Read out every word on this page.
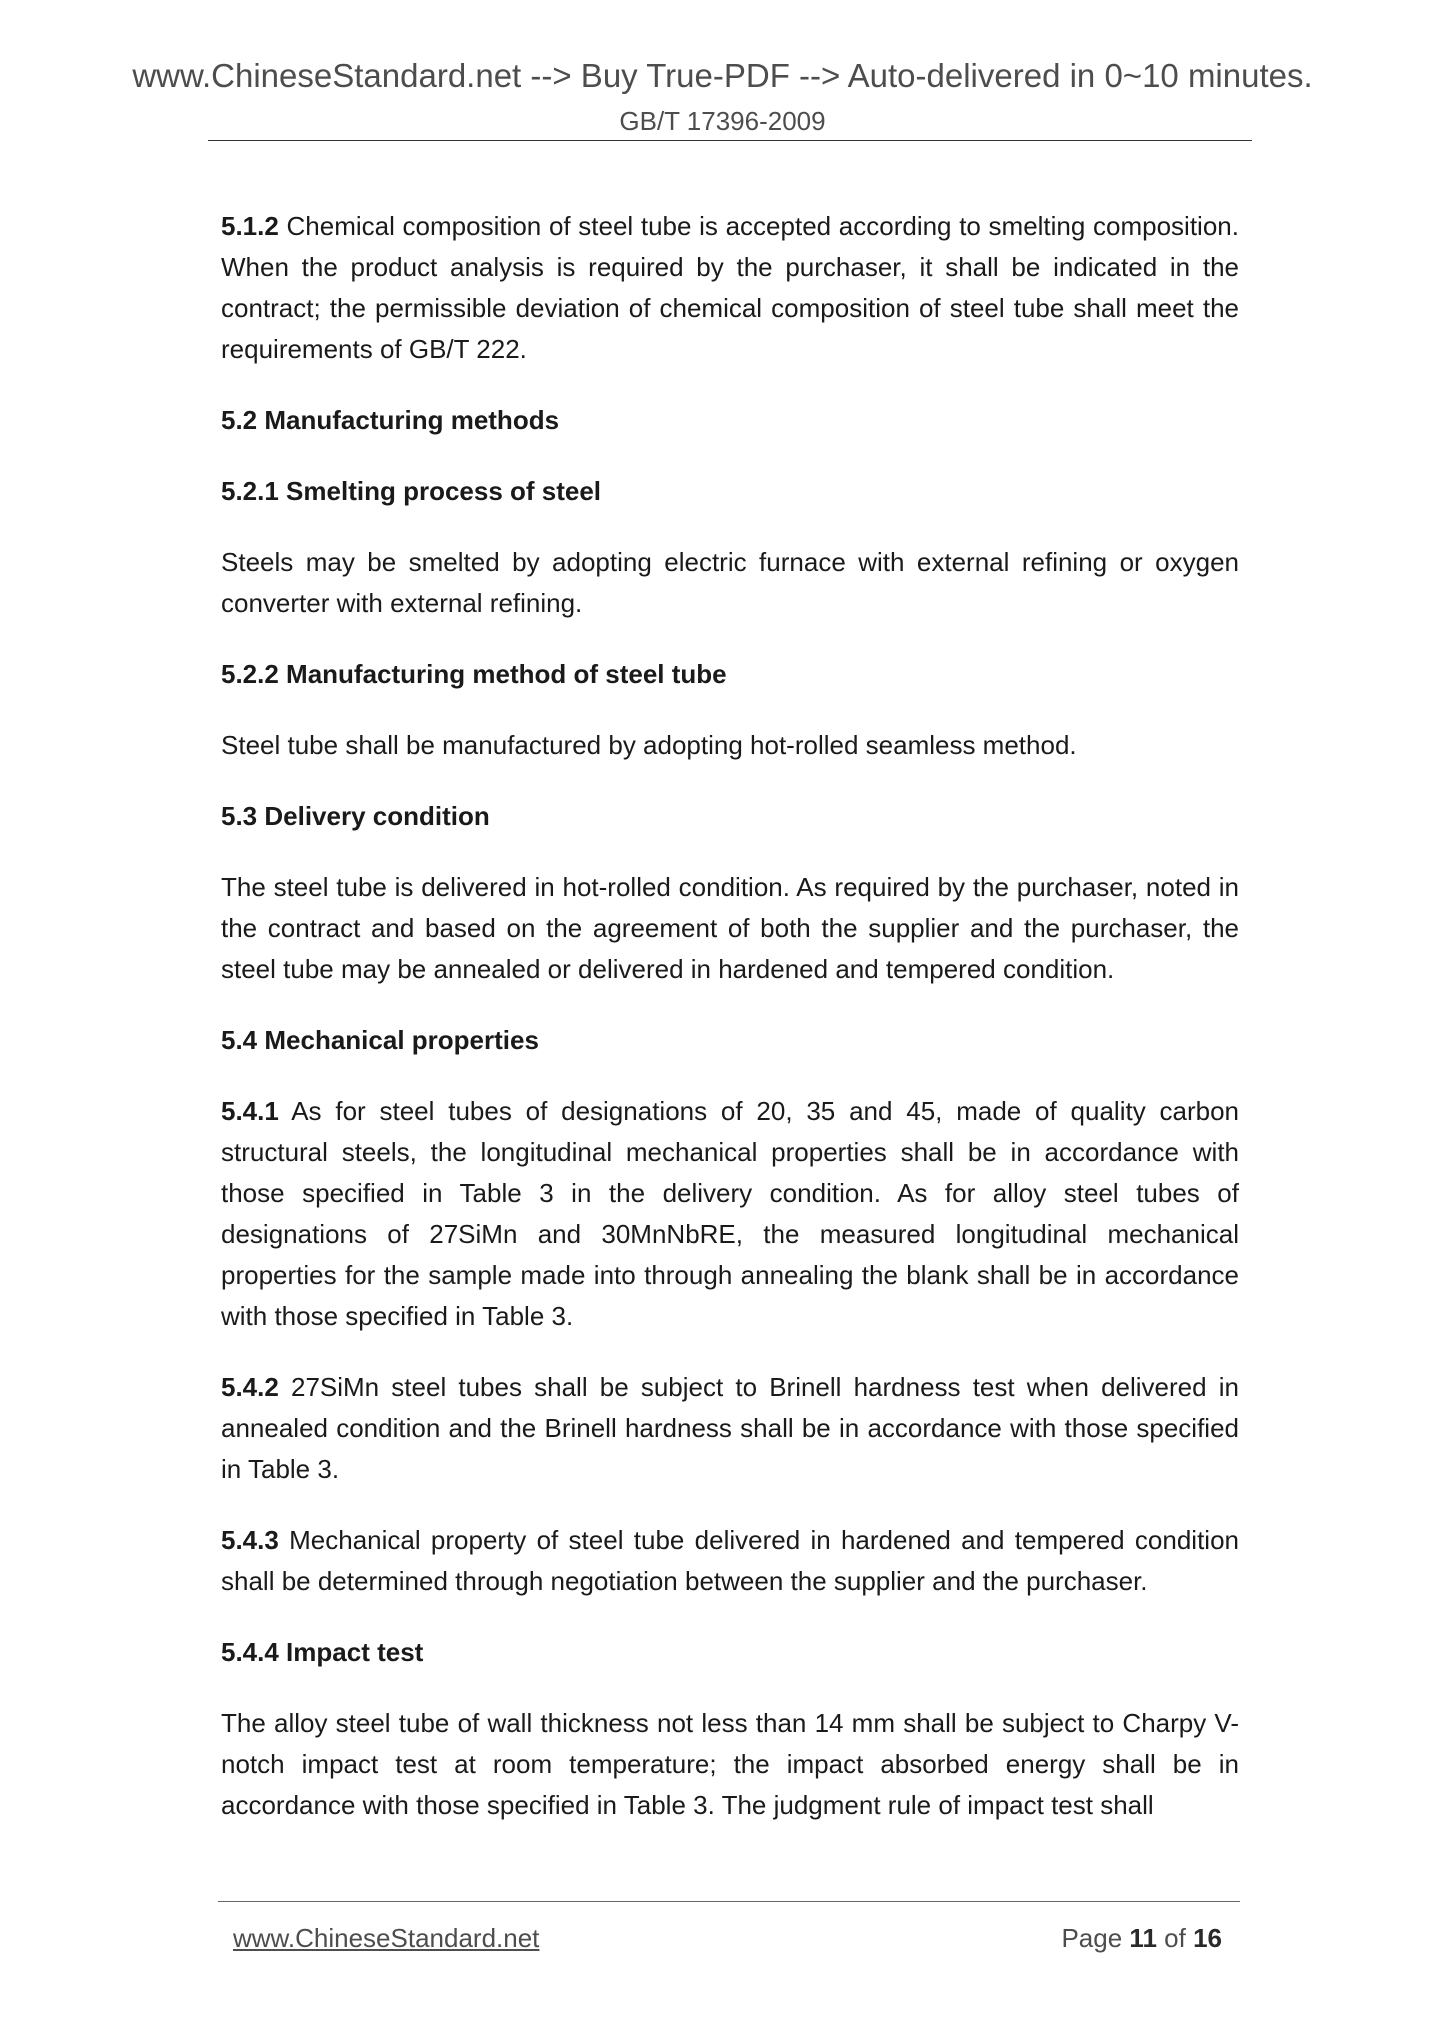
www.ChineseStandard.net --> Buy True-PDF --> Auto-delivered in 0~10 minutes.
GB/T 17396-2009

5.1.2 Chemical composition of steel tube is accepted according to smelting composition. When the product analysis is required by the purchaser, it shall be indicated in the contract; the permissible deviation of chemical composition of steel tube shall meet the requirements of GB/T 222.

5.2 Manufacturing methods
5.2.1 Smelting process of steel

Steels may be smelted by adopting electric furnace with external refining or oxygen converter with external refining.

5.2.2 Manufacturing method of steel tube

Steel tube shall be manufactured by adopting hot-rolled seamless method.

5.3 Delivery condition

The steel tube is delivered in hot-rolled condition. As required by the purchaser, noted in the contract and based on the agreement of both the supplier and the purchaser, the steel tube may be annealed or delivered in hardened and tempered condition.

5.4 Mechanical properties

5.4.1 As for steel tubes of designations of 20, 35 and 45, made of quality carbon structural steels, the longitudinal mechanical properties shall be in accordance with those specified in Table 3 in the delivery condition. As for alloy steel tubes of designations of 27SiMn and 30MnNbRE, the measured longitudinal mechanical properties for the sample made into through annealing the blank shall be in accordance with those specified in Table 3.

5.4.2 27SiMn steel tubes shall be subject to Brinell hardness test when delivered in annealed condition and the Brinell hardness shall be in accordance with those specified in Table 3.

5.4.3 Mechanical property of steel tube delivered in hardened and tempered condition shall be determined through negotiation between the supplier and the purchaser.

5.4.4 Impact test

The alloy steel tube of wall thickness not less than 14 mm shall be subject to Charpy V-notch impact test at room temperature; the impact absorbed energy shall be in accordance with those specified in Table 3. The judgment rule of impact test shall

www.ChineseStandard.net	Page 11 of 16
